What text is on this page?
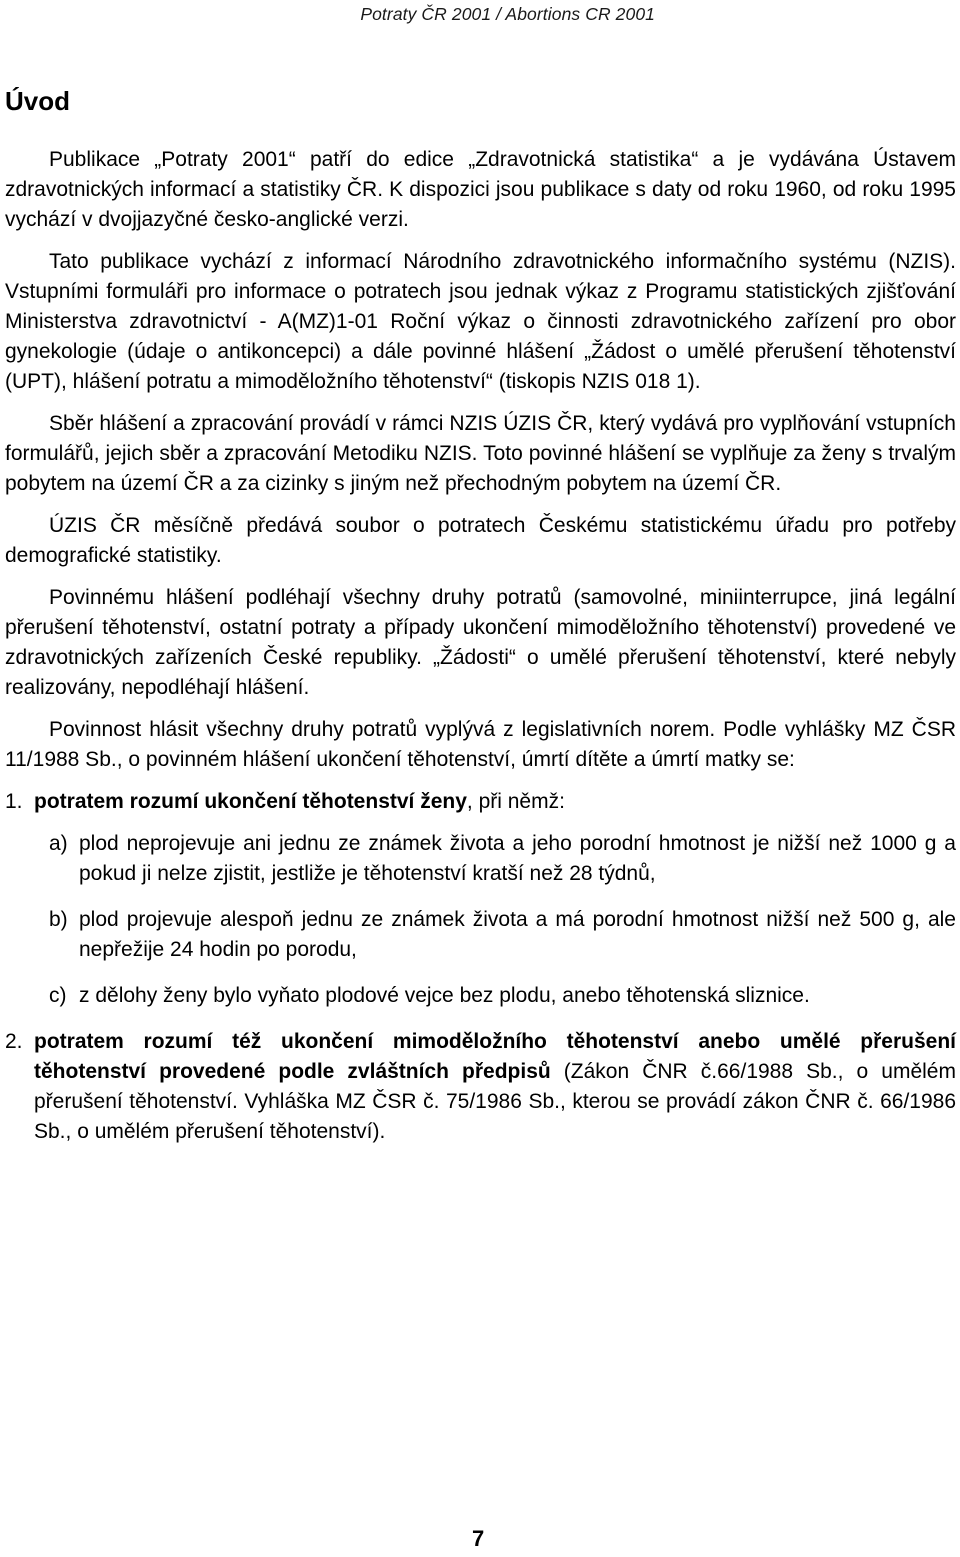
Potraty ČR 2001 / Abortions CR 2001
Úvod

Publikace „Potraty 2001“ patří do edice „Zdravotnická statistika“ a je vydávána Ústavem zdravotnických informací a statistiky ČR. K dispozici jsou publikace s daty od roku 1960, od roku 1995 vychází v dvojjazyčné česko-anglické verzi.

Tato publikace vychází z informací Národního zdravotnického informačního systému (NZIS). Vstupními formuláři pro informace o potratech jsou jednak výkaz z Programu statistických zjišťování Ministerstva zdravotnictví - A(MZ)1-01 Roční výkaz o činnosti zdravotnického zařízení pro obor gynekologie (údaje o antikoncepci) a dále povinné hlášení „Žádost o umělé přerušení těhotenství (UPT), hlášení potratu a mimoděložního těhotenství“ (tiskopis NZIS 018 1).

Sběr hlášení a zpracování provádí v rámci NZIS ÚZIS ČR, který vydává pro vyplňování vstupních formulářů, jejich sběr a zpracování Metodiku NZIS. Toto povinné hlášení se vyplňuje za ženy s trvalým pobytem na území ČR a za cizinky s jiným než přechodným pobytem na území ČR.

ÚZIS ČR měsíčně předává soubor o potratech Českému statistickému úřadu pro potřeby demografické statistiky.

Povinnému hlášení podléhají všechny druhy potratů (samovolné, miniinterrupce, jiná legální přerušení těhotenství, ostatní potraty a případy ukončení mimoděložního těhotenství) provedené ve zdravotnických zařízeních České republiky. „Žádosti“ o umělé přerušení těhotenství, které nebyly realizovány, nepodléhají hlášení.

Povinnost hlásit všechny druhy potratů vyplývá z legislativních norem. Podle vyhlášky MZ ČSR 11/1988 Sb., o povinném hlášení ukončení těhotenství, úmrtí dítěte a úmrtí matky se:

1. potratem rozumí ukončení těhotenství ženy, při němž:
a) plod neprojevuje ani jednu ze známek života a jeho porodní hmotnost je nižší než 1000 g a pokud ji nelze zjistit, jestliže je těhotenství kratší než 28 týdnů,
b) plod projevuje alespoň jednu ze známek života a má porodní hmotnost nižší než 500 g, ale nepřežije 24 hodin po porodu,
c) z dělohy ženy bylo vyňato plodové vejce bez plodu, anebo těhotenská sliznice.
2. potratem rozumí též ukončení mimoděložního těhotenství anebo umělé přerušení těhotenství provedené podle zvláštních předpisů (Zákon ČNR č.66/1988 Sb., o umělém přerušení těhotenství. Vyhláška MZ ČSR č. 75/1986 Sb., kterou se provádí zákon ČNR č. 66/1986 Sb., o umělém přerušení těhotenství).
7
